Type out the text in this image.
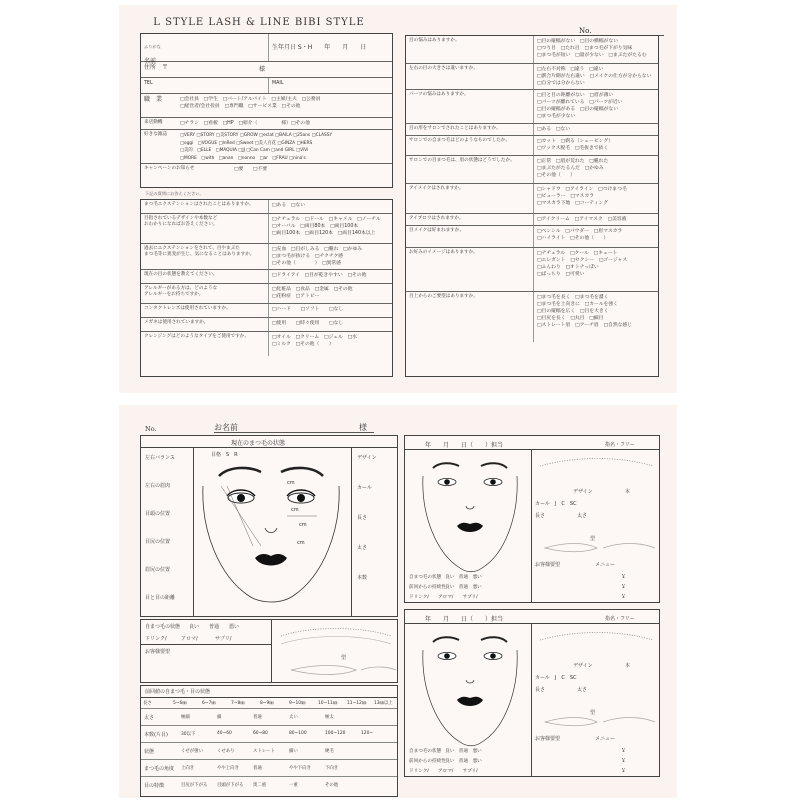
L STYLE LASH & LINE BIBI STYLE
No.

ふりがな

名前

様

生年月日 S・H　　年　　月　　日
住所　〒
TEL	MAIL
職　業	□会社員　□学生　□パート/アルバイト　□主婦/主夫　□公務員
□経営者/会社役員　□専門職　□サービス業　□その他
来店動機	□チラシ　□看板　□HP　□紹介（　　　　　様）□その他
好きな雑誌	□VERY □STORY □美STORY □GROW □eclat □BAILA □25ans □CLASSY
□oggi　□VOGUE □InRed □Sweet □美人百花 □GINZA □HERS
□美的　□ELLE　□MAQUIA □JJ □Can Cam □and GIRL □ViVi
□MORE　□with　□anan　□nonno　□ar　□FRAU □nina's
キャンペーンのお知らせ	□要　　□不要
下記の質問にお答えください。
まつ毛エクステンションはされたことはありますか。	□ある　□ない
目指されているデザインや本数など
おわかりになればお答えください。
□ナチュラル　□ドール　□キャメル　□ノーチル
□オーバル　□両目80本　□両目100本
□両目100本　□両目120本　□両目140本以上
過去にエクステンションをされて、目やまぶた
まつ毛等に異変が生じ、気になることはありますか。
□充血　□目がしみる　□腫れ　□かゆみ
□まつ毛が抜ける　□チクチク感
□その他（　　　　）　□異常感
現在の目の状態を教えてください。	□ドライアイ　□目が乾きやすい　□その他
アレルギーがある方は、どのような
アレルギーをお持ちですか。
□化粧品　□食品　□金属　□その他
□花粉症　□アトピー
コンタクトレンズは使用されていますか。	□ハード　　□ソフト　　□なし
メガネは使用されていますか。	□使用　　□時々使用　　□なし
クレンジングはどのようなタイプをご使用ですか。	□オイル　□クリーム　□ジェル　□水
□ミルク　□その他（　　）
目の悩みはありますか。	□目の縦幅がない　□目の横幅がない
□つり目　□たれ目　□まつ毛が下がり気味
□まつ毛が短い　□量が少ない　□まぶたがたるむ
左右の目の大きさは違いますか。	□左右不対称　□違う　□違い
□割合片側が左右違い　□メイクの仕方が分からない
□自分では分からない
パーツの悩みはありますか。	□目と目の距離がない　□眉が薄い
□パーツが離れている　□パーツが近い
□目の縦幅がある　□目の縦幅がない
□まつ毛が少ない
目の形をサロンでされたことはありますか。	□ある　□ない
サロンでの自まつ毛はどのようなものでしたか。	□カット　□剃る（シェービング）
□ワックス脱毛　□毛抜きで抜く
サロンでの目まつ毛は、眉の状態はどうでしたか。	□正常　□眉が荒れた　□腫れた
□まぶたがたるんだ　□かゆみ
□その他（　　）
アイメイクはされますか。	□シャドウ　□アイライン　□つけまつ毛
□ビューラー　□マスカラ
□マスカラ下地　□コーティング
アイブロウはされますか。	□アイクリーム　□アイマスク　□美容液
目メイクは好まれますか。	□ペンシル　□パウダー　□眉マスカラ
□ハイライト　□その他（　　）
お好みのイメージはありますか。	□ナチュラル　□クール　□キュート
□エレガント　□セクシー　□ゴージャス
□ふんわり　□オトナっぽい
□ぱっちり　□可愛い
目上からのご要望はありますか。	□まつ毛を長く　□まつ毛を濃く
□まつ毛を上向きに　□カールを強く
□目の縦幅を広く　□目を大きく
□目尻を長く　□丸目　□細目
□ストレート眉　□アーチ眉　□自然な感じ
No.	お名前	様
現在のまつ毛の状態
左右バランス
左右の眉肉
目頭の位置
目尻の位置
眉尻の位置
目と目の距離
デザイン
カール
長さ
太さ
本数
目格　S　R
cm
cm
cm
cm
自まつ毛の状態 良い　　普通　　悪い
ドリンク/	アロマ/	サプリ/
お客様要望
型
前回値の自まつ毛・目の状態
長さ	5~6㎜	6~7㎜	7~8㎜	8~9㎜	9~10㎜	10~11㎜ 11~12㎜ 13㎜以上
太さ	極細	細	普通	太い	極太
本数(片目)	30以下	40~60	60~80	80~100	100~120	120~
状態	くせが強い	くせあり	ストレート	細い	硬毛
まつ毛の角度 上向き	やや上向き	普通	やや下向き	下向き
目の特徴	目尻が下がる 目頭が下がる 奥二重	一重	その他
年　　月　　日（　　）担当	指名・フリー
デザイン	本
カール　J　C　SC
長さ	太さ
型
お客様要望	メニュー
￥
￥
￥
自まつ毛の状態 良い　普通　悪い
前回からの持続性 良い　普通　悪い
ドリンク/　　アロマ/　　サプリ/
年　　月　　日（　　）担当	指名・フリー
デザイン	本
カール　J　C　SC
長さ	太さ
型
お客様要望	メニュー
￥
￥
￥
自まつ毛の状態 良い　普通　悪い
前回からの持続性 良い　普通　悪い
ドリンク/　　アロマ/　　サプリ/
